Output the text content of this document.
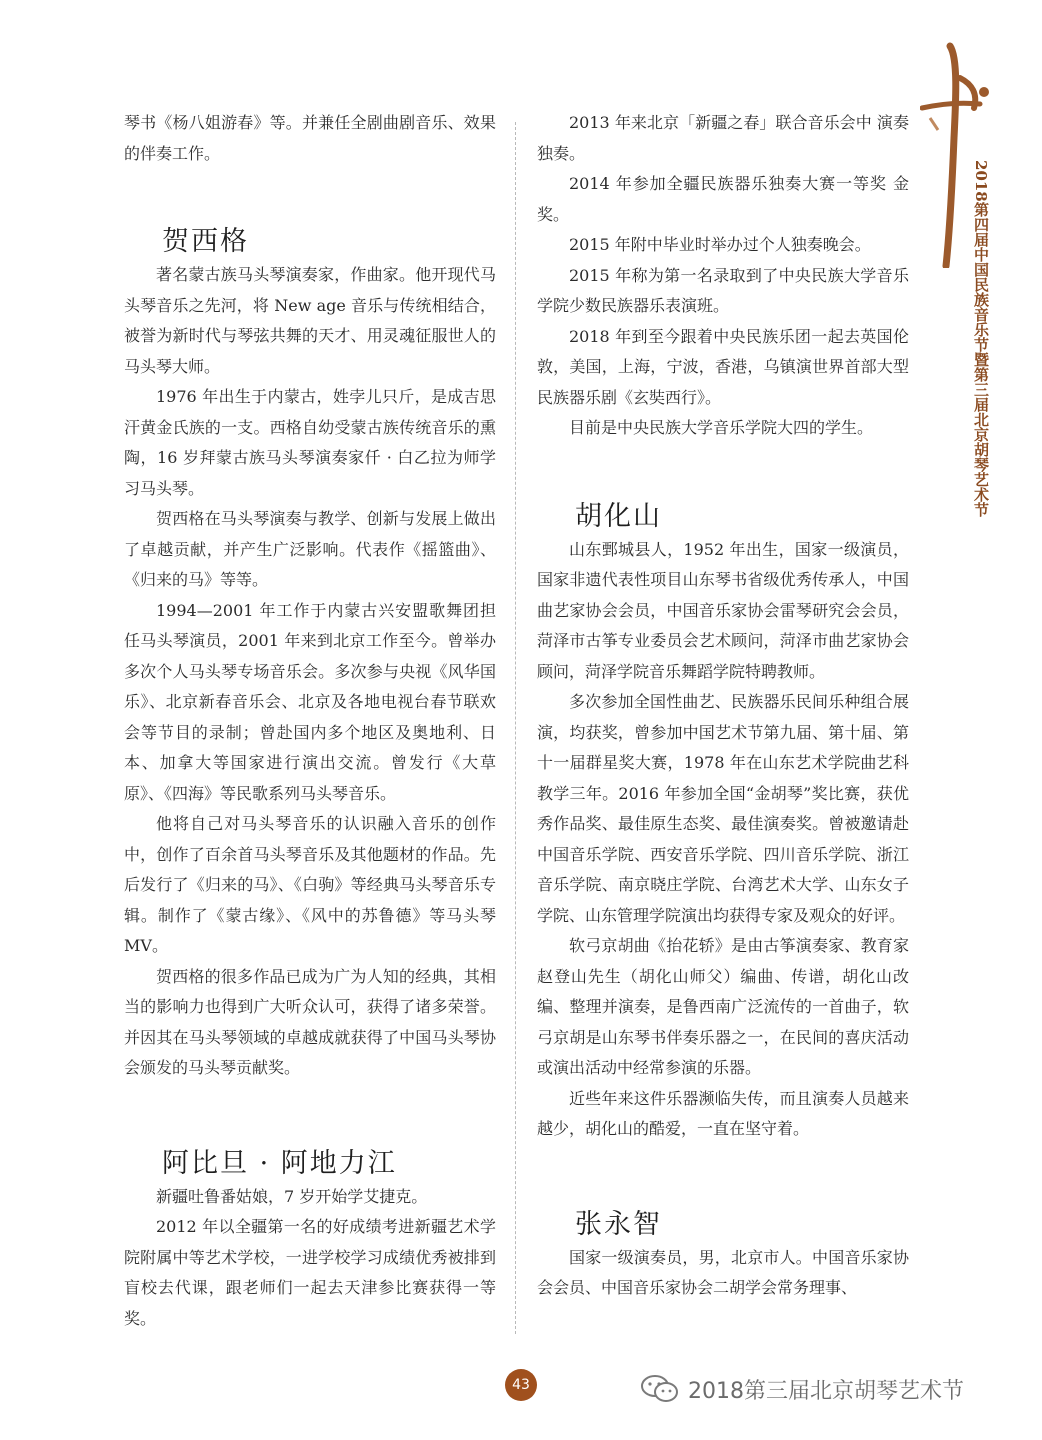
2018第四届中国民族音乐节暨第三届北京胡琴艺术节

琴书《杨八姐游春》等。并兼任全剧曲剧音乐、效果的伴奏工作。

贺西格

著名蒙古族马头琴演奏家，作曲家。他开现代马头琴音乐之先河，将 New age 音乐与传统相结合，被誉为新时代与琴弦共舞的天才、用灵魂征服世人的马头琴大师。

1976 年出生于内蒙古，姓孛儿只斤，是成吉思汗黄金氏族的一支。西格自幼受蒙古族传统音乐的熏陶，16 岁拜蒙古族马头琴演奏家仟 · 白乙拉为师学习马头琴。

贺西格在马头琴演奏与教学、创新与发展上做出了卓越贡献，并产生广泛影响。代表作《摇篮曲》、《归来的马》等等。

1994—2001 年工作于内蒙古兴安盟歌舞团担任马头琴演员，2001 年来到北京工作至今。曾举办多次个人马头琴专场音乐会。多次参与央视《风华国乐》、北京新春音乐会、北京及各地电视台春节联欢会等节目的录制；曾赴国内多个地区及奥地利、日本、加拿大等国家进行演出交流。曾发行《大草原》、《四海》等民歌系列马头琴音乐。

他将自己对马头琴音乐的认识融入音乐的创作中，创作了百余首马头琴音乐及其他题材的作品。先后发行了《归来的马》、《白驹》等经典马头琴音乐专辑。制作了《蒙古缘》、《风中的苏鲁德》等马头琴 MV。

贺西格的很多作品已成为广为人知的经典，其相当的影响力也得到广大听众认可，获得了诸多荣誉。并因其在马头琴领域的卓越成就获得了中国马头琴协会颁发的马头琴贡献奖。

阿比旦 · 阿地力江

新疆吐鲁番姑娘，7 岁开始学艾捷克。

2012 年以全疆第一名的好成绩考进新疆艺术学院附属中等艺术学校，一进学校学习成绩优秀被排到盲校去代课，跟老师们一起去天津参比赛获得一等奖。

2013 年来北京「新疆之春」联合音乐会中 演奏独奏。

2014 年参加全疆民族器乐独奏大赛一等奖 金奖。

2015 年附中毕业时举办过个人独奏晚会。

2015 年称为第一名录取到了中央民族大学音乐学院少数民族器乐表演班。

2018 年到至今跟着中央民族乐团一起去英国伦敦，美国，上海，宁波，香港，乌镇演世界首部大型民族器乐剧《玄奘西行》。

目前是中央民族大学音乐学院大四的学生。

胡化山

山东鄄城县人，1952 年出生，国家一级演员，国家非遗代表性项目山东琴书省级优秀传承人，中国曲艺家协会会员，中国音乐家协会雷琴研究会会员，菏泽市古筝专业委员会艺术顾问，菏泽市曲艺家协会顾问，菏泽学院音乐舞蹈学院特聘教师。

多次参加全国性曲艺、民族器乐民间乐种组合展演，均获奖，曾参加中国艺术节第九届、第十届、第十一届群星奖大赛，1978 年在山东艺术学院曲艺科教学三年。2016 年参加全国“金胡琴”奖比赛，获优秀作品奖、最佳原生态奖、最佳演奏奖。曾被邀请赴中国音乐学院、西安音乐学院、四川音乐学院、浙江音乐学院、南京晓庄学院、台湾艺术大学、山东女子学院、山东管理学院演出均获得专家及观众的好评。

软弓京胡曲《抬花轿》是由古筝演奏家、教育家赵登山先生（胡化山师父）编曲、传谱，胡化山改编、整理并演奏，是鲁西南广泛流传的一首曲子，软弓京胡是山东琴书伴奏乐器之一，在民间的喜庆活动或演出活动中经常参演的乐器。

近些年来这件乐器濒临失传，而且演奏人员越来越少，胡化山的酷爱，一直在坚守着。

张永智

国家一级演奏员，男，北京市人。中国音乐家协会会员、中国音乐家协会二胡学会常务理事、

43	2018第三届北京胡琴艺术节
